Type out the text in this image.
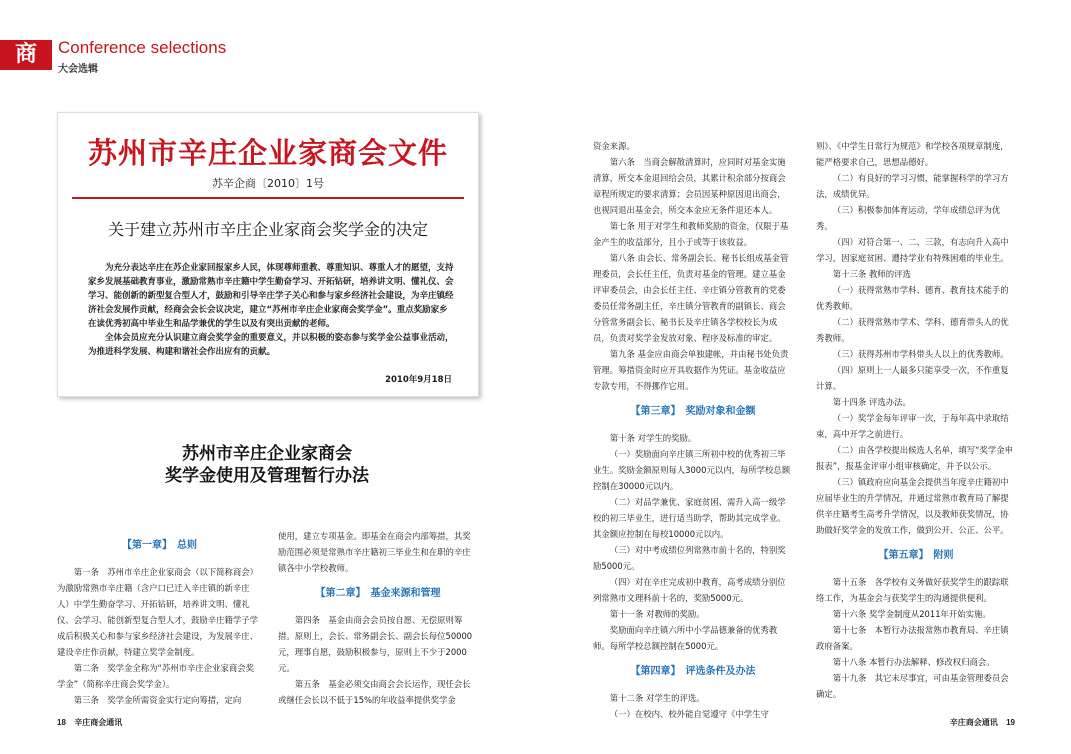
商	Conference selections
大会选辑
苏州市辛庄企业家商会文件
苏辛企商〔2010〕1号
关于建立苏州市辛庄企业家商会奖学金的决定

为充分表达辛庄在苏企业家回报家乡人民，体现尊师重教、尊重知识、尊重人才的愿望，支持家乡发展基础教育事业，激励常熟市辛庄籍中学生勤奋学习、开拓钻研，培养讲文明、懂礼仪、会学习、能创新的新型复合型人才，鼓励和引导辛庄学子关心和参与家乡经济社会建设，为辛庄镇经济社会发展作贡献，经商会会长会议决定，建立“苏州市辛庄企业家商会奖学金”。重点奖励家乡在读优秀初高中毕业生和品学兼优的学生以及有突出贡献的老师。

全体会员应充分认识建立商会奖学金的重要意义，并以积极的姿态参与奖学金公益事业活动，为推进科学发展、构建和谐社会作出应有的贡献。

2010年9月18日
苏州市辛庄企业家商会
奖学金使用及管理暂行办法

【第一章】　总则

第一条　苏州市辛庄企业家商会（以下简称商会）为激励常熟市辛庄籍（含户口已迁入辛庄镇的新辛庄人）中学生勤奋学习、开拓钻研，培养讲文明、懂礼仪、会学习、能创新型复合型人才，鼓励辛庄籍学子学成后积极关心和参与家乡经济社会建设，为发展辛庄、建设辛庄作贡献，特建立奖学金制度。

第二条　奖学金全称为“苏州市辛庄企业家商会奖学金”（简称辛庄商会奖学金）。

第三条　奖学金所需资金实行定向筹措，定向

使用，建立专项基金。即基金在商会内部筹措，其奖励范围必须是常熟市辛庄籍初三毕业生和在职的辛庄镇各中小学校教师。

【第二章】　基金来源和管理

第四条　基金由商会会员按自愿、无偿原则筹措。原则上，会长、常务副会长、副会长每位50000元，理事自愿，鼓励积极参与，原则上不少于2000元。

第五条　基金必须交由商会会长运作，现任会长或继任会长以不低于15%的年收益率提供奖学金

资金来源。

第六条　当商会解散清算时，应同时对基金实施清算，所交本金退回给会员，其累计积余部分按商会章程所规定的要求清算；会员因某种原因退出商会，也视同退出基金会，所交本金应无条件退还本人。

第七条 用于对学生和教师奖励的资金，仅限于基金产生的收益部分，且小于或等于该收益。

第八条 由会长、常务副会长、秘书长组成基金管理委员，会长任主任，负责对基金的管理。建立基金评审委员会，由会长任主任、辛庄镇分管教育的党委委员任常务副主任，辛庄镇分管教育的副镇长、商会分管常务副会长、秘书长及辛庄镇各学校校长为成员，负责对奖学金发放对象、程序及标准的审定。

第九条 基金应由商会单独建帐，并由秘书处负责管理。筹措资金时应开具收据作为凭证。基金收益应专款专用，不得挪作它用。

【第三章】　奖励对象和金额

第十条 对学生的奖励。

（一）奖励面向辛庄镇三所初中校的优秀初三毕业生。奖励金额原则每人3000元以内，每所学校总额控制在30000元以内。

（二）对品学兼优、家庭贫困、需升入高一级学校的初三毕业生，进行适当助学，帮助其完成学业。其金额应控制在每校10000元以内。

（三）对中考成绩位列常熟市前十名的，特别奖励5000元。

（四）对在辛庄完成初中教育，高考成绩分别位列常熟市文理科前十名的，奖励5000元。

第十一条 对教师的奖励。

奖励面向辛庄镇六所中小学品德兼备的优秀教师。每所学校总额控制在5000元。

【第四章】　评选条件及办法

第十二条 对学生的评选。

（一）在校内、校外能自觉遵守《中学生守

则》、《中学生日常行为规范》和学校各项规章制度，能严格要求自己，思想品德好。

（二）有良好的学习习惯，能掌握科学的学习方法，成绩优异。

（三）积极参加体育运动，学年成绩总评为优秀。

（四）对符合第一、二、三款，有志向升入高中学习，因家庭贫困、遭持学业有特殊困难的毕业生。

第十三条 教师的评选

（一）获得常熟市学科、德育、教育技术能手的优秀教师。

（二）获得常熟市学术、学科、德育带头人的优秀教师。

（三）获得苏州市学科带头人以上的优秀教师。

（四）原则上一人最多只能享受一次，不作重复计算。

第十四条 评选办法。

（一）奖学金每年评审一次，于每年高中录取结束，高中开学之前进行。

（二）由各学校提出候选人名单，填写“奖学金申报表”，报基金评审小组审核确定，并予以公示。

（三）镇政府应向基金会提供当年度辛庄籍初中应届毕业生的升学情况，并通过常熟市教育局了解提供辛庄籍考生高考升学情况，以及教师获奖情况，协助做好奖学金的发放工作，做到公开、公正、公平。

【第五章】　附则

第十五条　各学校有义务做好获奖学生的跟踪联络工作，为基金会与获奖学生的沟通提供便利。

第十六条 奖学金制度从2011年开始实施。

第十七条　本暂行办法报常熟市教育局、辛庄镇政府备案。

第十八条 本暂行办法解释、修改权归商会。

第十九条　其它未尽事宜，可由基金管理委员会确定。

18 辛庄商会通讯	辛庄商会通讯 19
